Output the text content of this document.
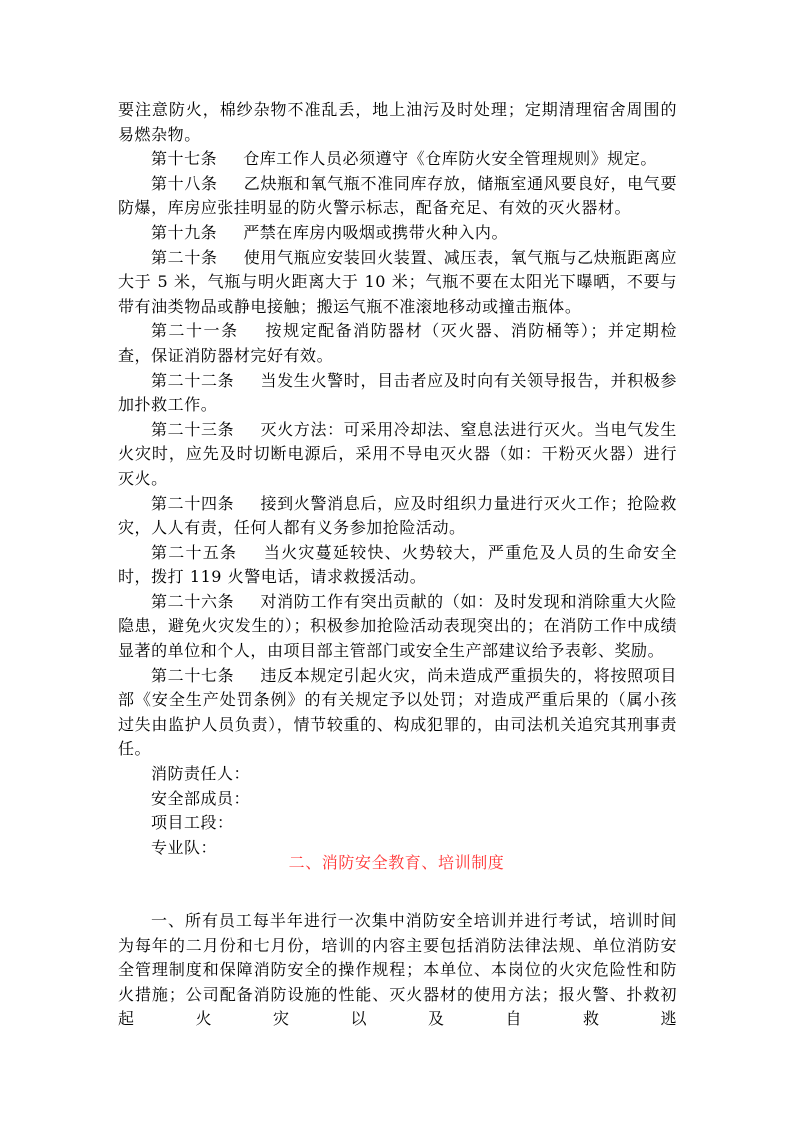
要注意防火，棉纱杂物不准乱丢，地上油污及时处理；定期清理宿舍周围的易燃杂物。

第十七条 仓库工作人员必须遵守《仓库防火安全管理规则》规定。

第十八条 乙炔瓶和氧气瓶不准同库存放，储瓶室通风要良好，电气要防爆，库房应张挂明显的防火警示标志，配备充足、有效的灭火器材。

第十九条 严禁在库房内吸烟或携带火种入内。

第二十条 使用气瓶应安装回火装置、减压表，氧气瓶与乙炔瓶距离应大于 5 米，气瓶与明火距离大于 10 米；气瓶不要在太阳光下曝晒，不要与带有油类物品或静电接触；搬运气瓶不准滚地移动或撞击瓶体。

第二十一条 按规定配备消防器材（灭火器、消防桶等）；并定期检查，保证消防器材完好有效。

第二十二条 当发生火警时，目击者应及时向有关领导报告，并积极参加扑救工作。

第二十三条 灭火方法：可采用冷却法、窒息法进行灭火。当电气发生火灾时，应先及时切断电源后，采用不导电灭火器（如：干粉灭火器）进行灭火。

第二十四条 接到火警消息后，应及时组织力量进行灭火工作；抢险救灾，人人有责，任何人都有义务参加抢险活动。

第二十五条 当火灾蔓延较快、火势较大，严重危及人员的生命安全时，拨打 119 火警电话，请求救援活动。

第二十六条 对消防工作有突出贡献的（如：及时发现和消除重大火险隐患，避免火灾发生的）；积极参加抢险活动表现突出的；在消防工作中成绩显著的单位和个人，由项目部主管部门或安全生产部建议给予表彰、奖励。

第二十七条 违反本规定引起火灾，尚未造成严重损失的，将按照项目部《安全生产处罚条例》的有关规定予以处罚；对造成严重后果的（属小孩过失由监护人员负责），情节较重的、构成犯罪的，由司法机关追究其刑事责任。

消防责任人：

安全部成员：

项目工段：

专业队：

二、消防安全教育、培训制度

一、所有员工每半年进行一次集中消防安全培训并进行考试，培训时间为每年的二月份和七月份，培训的内容主要包括消防法律法规、单位消防安全管理制度和保障消防安全的操作规程；本单位、本岗位的火灾危险性和防火措施；公司配备消防设施的性能、灭火器材的使用方法；报火警、扑救初起火灾以及自救逃
